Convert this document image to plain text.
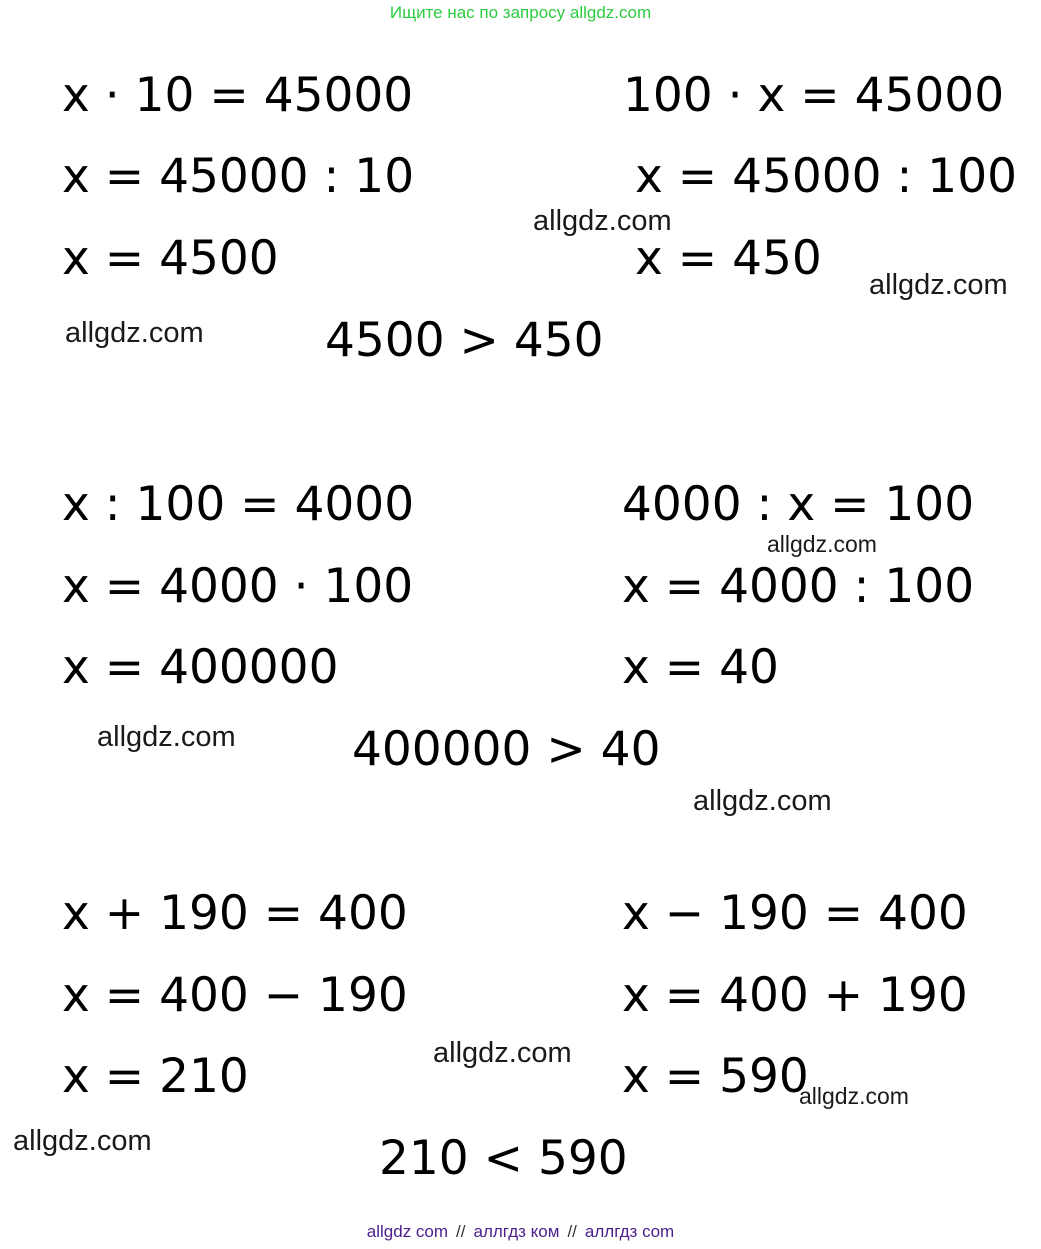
Ищите нас по запросу allgdz.com
x · 10 = 45000
x = 45000 : 10
x = 4500
100 · x = 45000
x = 45000 : 100
x = 450
4500 > 450
x : 100 = 4000
x = 4000 · 100
x = 400000
4000 : x = 100
x = 4000 : 100
x = 40
400000 > 40
x + 190 = 400
x = 400 − 190
x = 210
x − 190 = 400
x = 400 + 190
x = 590
210 < 590
allgdz.com
allgdz.com
allgdz.com
allgdz.com
allgdz.com
allgdz.com
allgdz.com
allgdz.com
allgdz.com
allgdz com // аллгдз ком // аллгдз com
